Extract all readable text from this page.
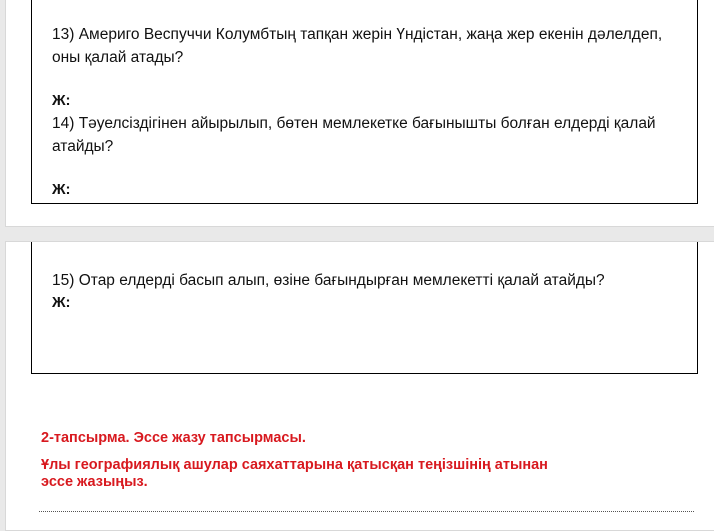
13) Америго Веспуччи Колумбтың тапқан жерін Үндістан, жаңа жер екенін дәлелдеп, оны қалай атады?

Ж:

14) Тәуелсіздігінен айырылып, бөтен мемлекетке бағынышты болған елдерді қалай атайды?

Ж:

15) Отар елдерді басып алып, өзіне бағындырған мемлекетті қалай атайды?

Ж:
2-тапсырма. Эссе жазу тапсырмасы.
Ұлы географиялық ашулар саяхаттарына қатысқан теңізшінің атынан эссе жазыңыз.
